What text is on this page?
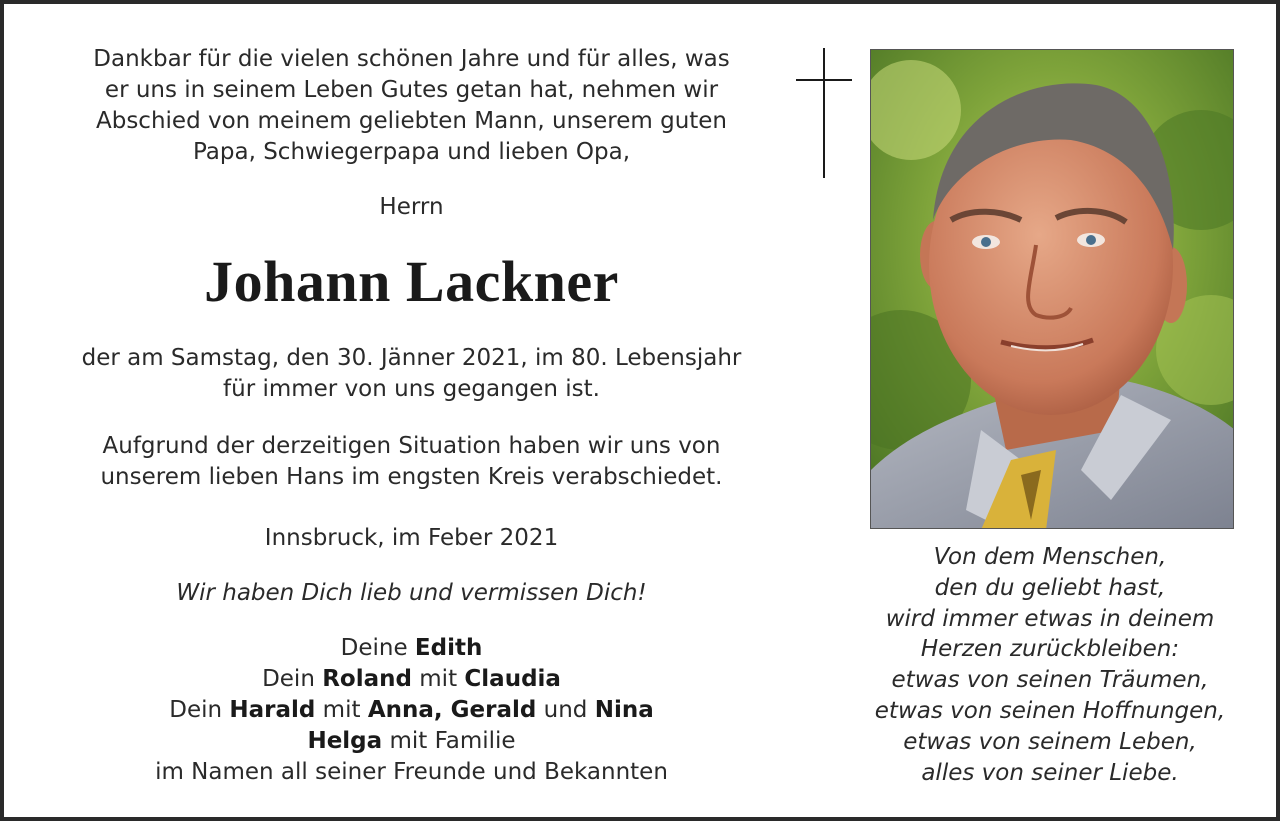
Dankbar für die vielen schönen Jahre und für alles, was
er uns in seinem Leben Gutes getan hat, nehmen wir
Abschied von meinem geliebten Mann, unserem guten
Papa, Schwiegerpapa und lieben Opa,

Herrn

Johann Lackner

der am Samstag, den 30. Jänner 2021, im 80. Lebensjahr
für immer von uns gegangen ist.

Aufgrund der derzeitigen Situation haben wir uns von
unserem lieben Hans im engsten Kreis verabschiedet.

Innsbruck, im Feber 2021

Wir haben Dich lieb und vermissen Dich!

Deine Edith
Dein Roland mit Claudia
Dein Harald mit Anna, Gerald und Nina
Helga mit Familie
im Namen all seiner Freunde und Bekannten

Von dem Menschen,
den du geliebt hast,
wird immer etwas in deinem
Herzen zurückbleiben:
etwas von seinen Träumen,
etwas von seinen Hoffnungen,
etwas von seinem Leben,
alles von seiner Liebe.
